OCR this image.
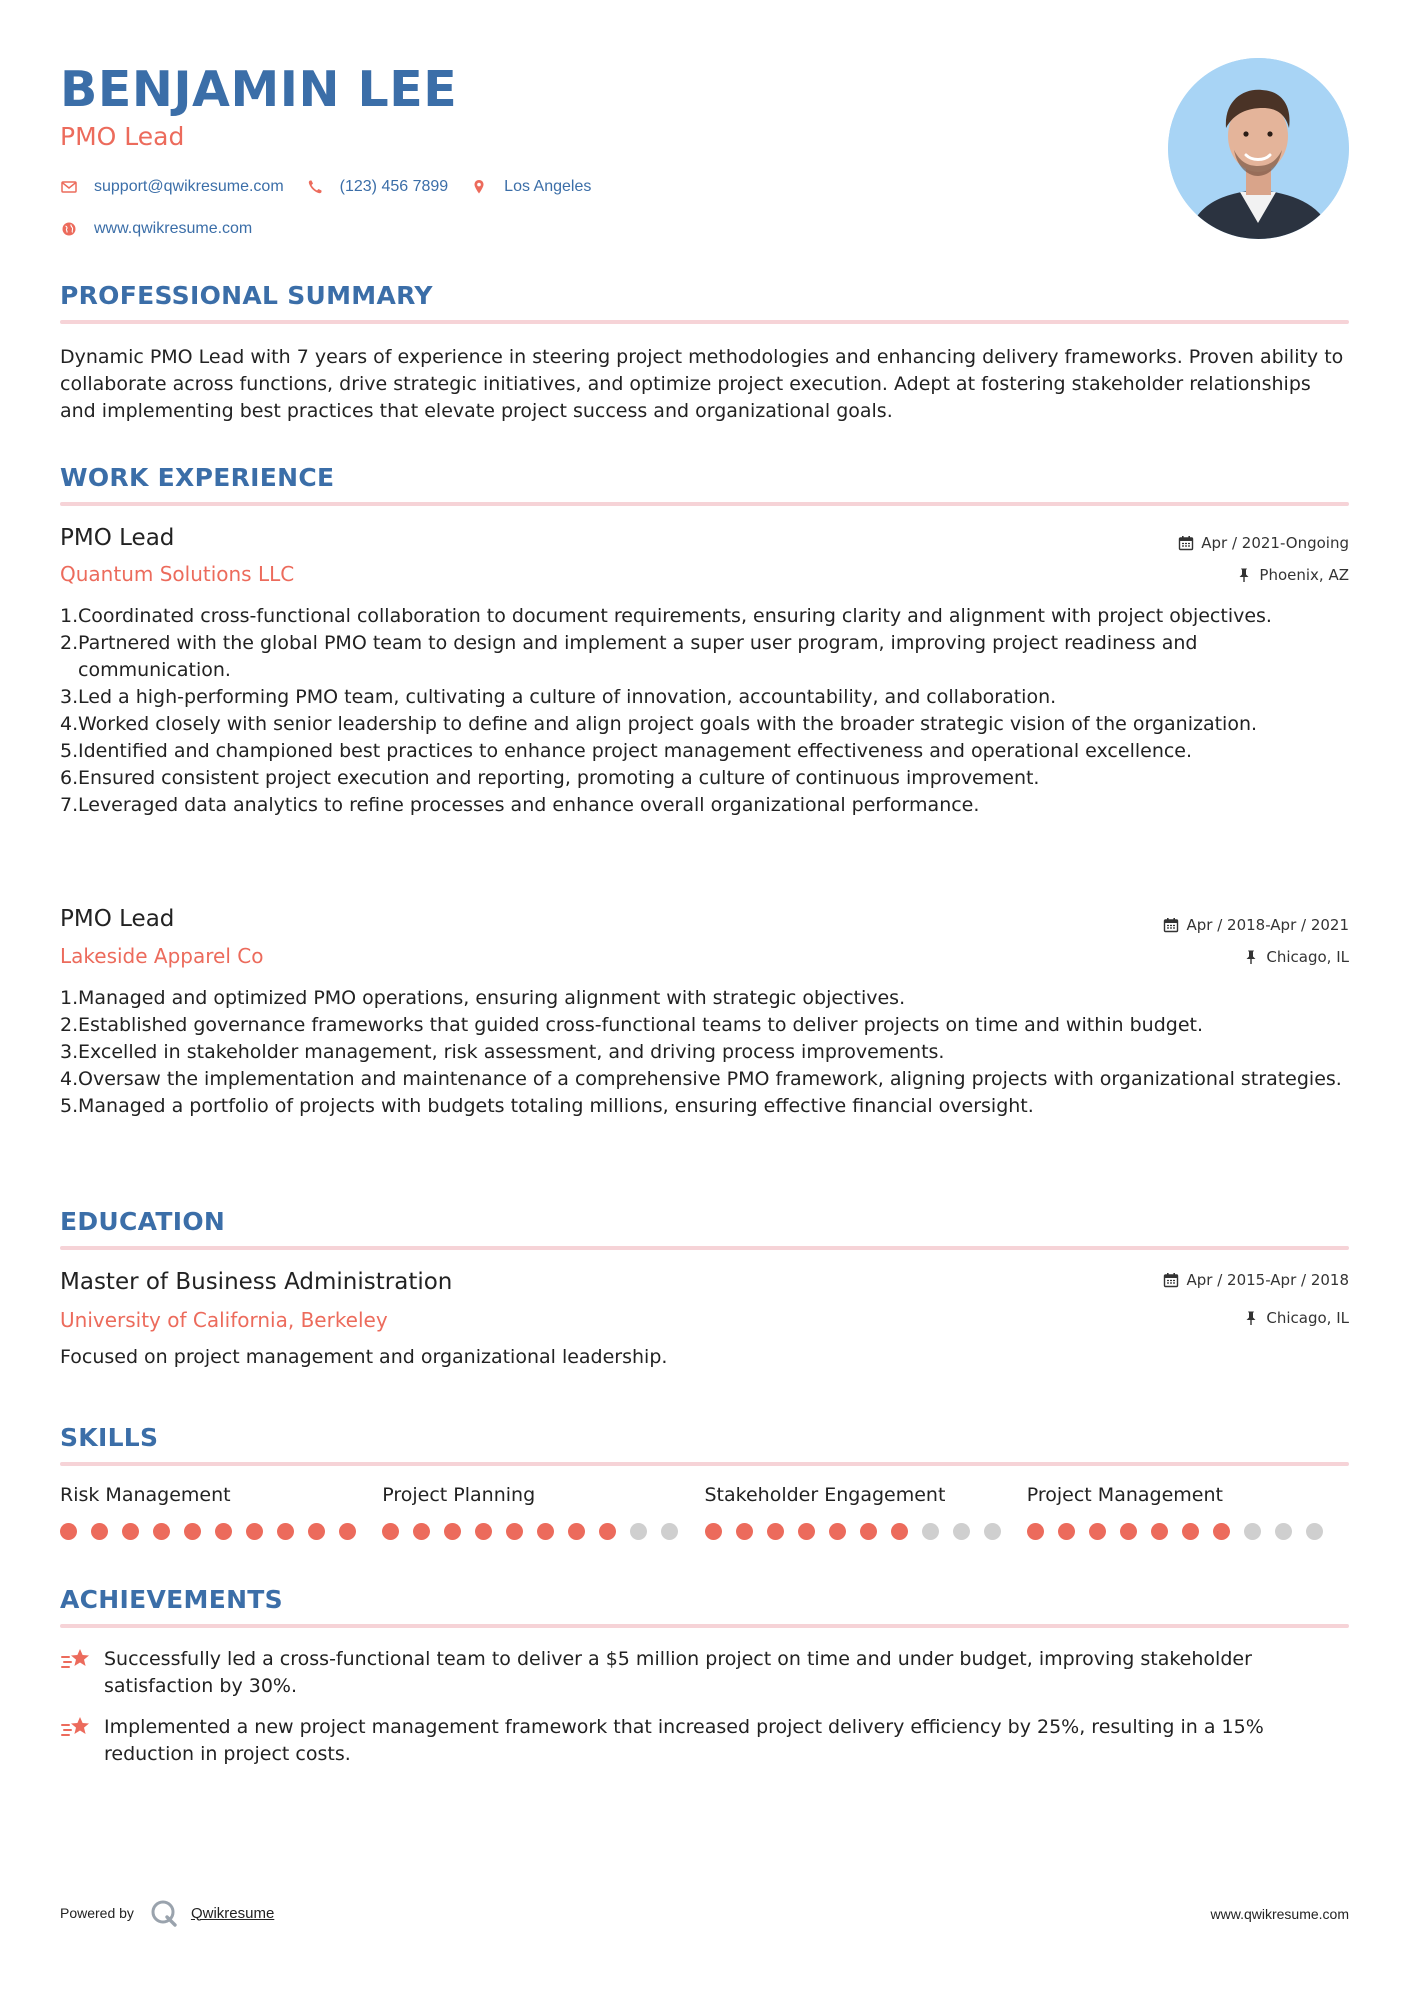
BENJAMIN LEE
PMO Lead
support@qwikresume.com	(123) 456 7899	Los Angeles
www.qwikresume.com
PROFESSIONAL SUMMARY
Dynamic PMO Lead with 7 years of experience in steering project methodologies and enhancing delivery frameworks. Proven ability to collaborate across functions, drive strategic initiatives, and optimize project execution. Adept at fostering stakeholder relationships and implementing best practices that elevate project success and organizational goals.
WORK EXPERIENCE
PMO Lead
Quantum Solutions LLC
Apr / 2021-Ongoing
Phoenix, AZ
1. Coordinated cross-functional collaboration to document requirements, ensuring clarity and alignment with project objectives.
2. Partnered with the global PMO team to design and implement a super user program, improving project readiness and communication.
3. Led a high-performing PMO team, cultivating a culture of innovation, accountability, and collaboration.
4. Worked closely with senior leadership to define and align project goals with the broader strategic vision of the organization.
5. Identified and championed best practices to enhance project management effectiveness and operational excellence.
6. Ensured consistent project execution and reporting, promoting a culture of continuous improvement.
7. Leveraged data analytics to refine processes and enhance overall organizational performance.
PMO Lead
Lakeside Apparel Co
Apr / 2018-Apr / 2021
Chicago, IL
1. Managed and optimized PMO operations, ensuring alignment with strategic objectives.
2. Established governance frameworks that guided cross-functional teams to deliver projects on time and within budget.
3. Excelled in stakeholder management, risk assessment, and driving process improvements.
4. Oversaw the implementation and maintenance of a comprehensive PMO framework, aligning projects with organizational strategies.
5. Managed a portfolio of projects with budgets totaling millions, ensuring effective financial oversight.
EDUCATION
Master of Business Administration
University of California, Berkeley
Apr / 2015-Apr / 2018
Chicago, IL
Focused on project management and organizational leadership.
SKILLS
Risk Management	Project Planning	Stakeholder Engagement	Project Management
ACHIEVEMENTS
Successfully led a cross-functional team to deliver a $5 million project on time and under budget, improving stakeholder satisfaction by 30%.
Implemented a new project management framework that increased project delivery efficiency by 25%, resulting in a 15% reduction in project costs.
Powered by	Qwikresume	www.qwikresume.com
